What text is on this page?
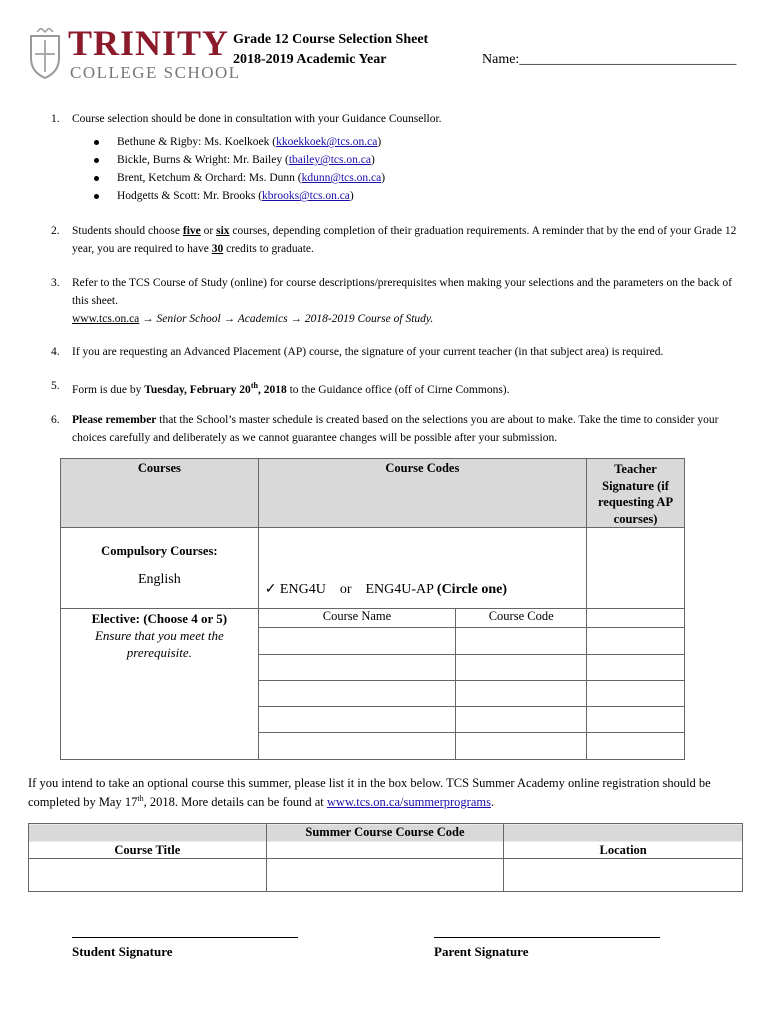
TRINITY
COLLEGE SCHOOL
Grade 12 Course Selection Sheet
2018-2019 Academic Year	Name:_______________________________
1. Course selection should be done in consultation with your Guidance Counsellor.
Bethune & Rigby: Ms. Koelkoek (kkoekkoek@tcs.on.ca)
Bickle, Burns & Wright: Mr. Bailey (tbailey@tcs.on.ca)
Brent, Ketchum & Orchard: Ms. Dunn (kdunn@tcs.on.ca)
Hodgetts & Scott: Mr. Brooks (kbrooks@tcs.on.ca)
2. Students should choose five or six courses, depending completion of their graduation requirements. A reminder that by the end of your Grade 12 year, you are required to have 30 credits to graduate.
3. Refer to the TCS Course of Study (online) for course descriptions/prerequisites when making your selections and the parameters on the back of this sheet.
www.tcs.on.ca → Senior School → Academics → 2018-2019 Course of Study.
4. If you are requesting an Advanced Placement (AP) course, the signature of your current teacher (in that subject area) is required.
5. Form is due by Tuesday, February 20th, 2018 to the Guidance office (off of Cirne Commons).
6. Please remember that the School’s master schedule is created based on the selections you are about to make. Take the time to consider your choices carefully and deliberately as we cannot guarantee changes will be possible after your submission.
Courses	Course Codes		Teacher Signature (if requesting AP courses)

Compulsory Courses:
English	✓ ENG4U or ENG4U-AP (Circle one)		

Elective: (Choose 4 or 5)
Ensure that you meet the prerequisite.	Course Name	Course Code	

If you intend to take an optional course this summer, please list it in the box below. TCS Summer Academy online registration should be completed by May 17th, 2018. More details can be found at www.tcs.on.ca/summerprograms.
Course Title	Summer Course Course Code	Location

Student Signature	Parent Signature
